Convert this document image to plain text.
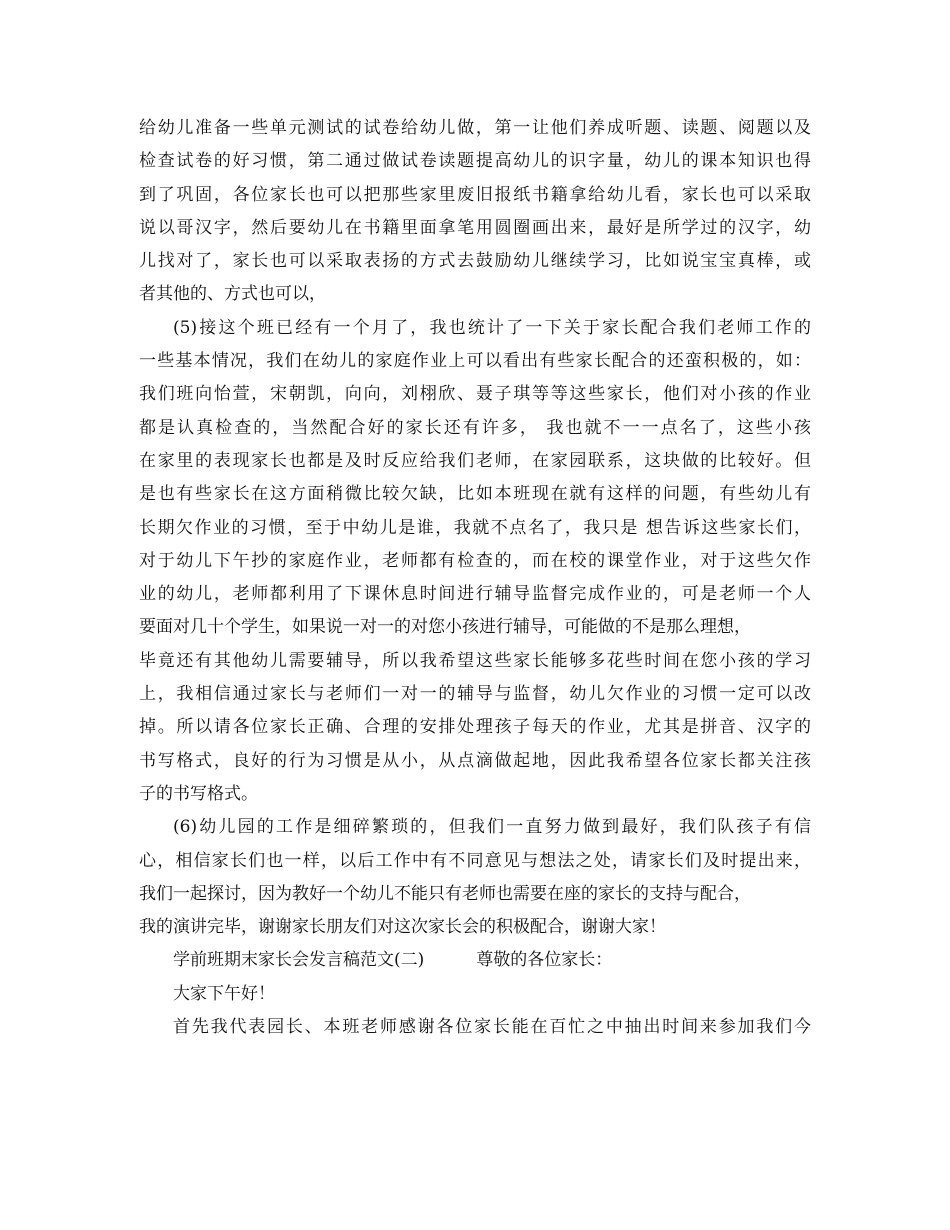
给幼儿准备一些单元测试的试卷给幼儿做，第一让他们养成听题、读题、阅题以及
检查试卷的好习惯，第二通过做试卷读题提高幼儿的识字量，幼儿的课本知识也得
到了巩固，各位家长也可以把那些家里废旧报纸书籍拿给幼儿看，家长也可以采取
说以哥汉字，然后要幼儿在书籍里面拿笔用圆圈画出来，最好是所学过的汉字，幼
儿找对了，家长也可以采取表扬的方式去鼓励幼儿继续学习，比如说宝宝真棒，或
者其他的、方式也可以，
(5)接这个班已经有一个月了，我也统计了一下关于家长配合我们老师工作的
一些基本情况，我们在幼儿的家庭作业上可以看出有些家长配合的还蛮积极的，如：
我们班向怡萱，宋朝凯，向向，刘栩欣、聂子琪等等这些家长，他们对小孩的作业
都是认真检查的，当然配合好的家长还有许多， 我也就不一一点名了，这些小孩
在家里的表现家长也都是及时反应给我们老师，在家园联系，这块做的比较好。但
是也有些家长在这方面稍微比较欠缺，比如本班现在就有这样的问题，有些幼儿有
长期欠作业的习惯，至于中幼儿是谁，我就不点名了，我只是 想告诉这些家长们，
对于幼儿下午抄的家庭作业，老师都有检查的，而在校的课堂作业，对于这些欠作
业的幼儿，老师都利用了下课休息时间进行辅导监督完成作业的，可是老师一个人
要面对几十个学生，如果说一对一的对您小孩进行辅导，可能做的不是那么理想，
毕竟还有其他幼儿需要辅导，所以我希望这些家长能够多花些时间在您小孩的学习
上，我相信通过家长与老师们一对一的辅导与监督，幼儿欠作业的习惯一定可以改
掉。所以请各位家长正确、合理的安排处理孩子每天的作业，尤其是拼音、汉字的
书写格式，良好的行为习惯是从小，从点滴做起地，因此我希望各位家长都关注孩
子的书写格式。
(6)幼儿园的工作是细碎繁琐的，但我们一直努力做到最好，我们队孩子有信
心，相信家长们也一样，以后工作中有不同意见与想法之处，请家长们及时提出来，
我们一起探讨，因为教好一个幼儿不能只有老师也需要在座的家长的支持与配合，
我的演讲完毕，谢谢家长朋友们对这次家长会的积极配合，谢谢大家！
学前班期末家长会发言稿范文(二)	尊敬的各位家长：
大家下午好！
首先我代表园长、本班老师感谢各位家长能在百忙之中抽出时间来参加我们今
